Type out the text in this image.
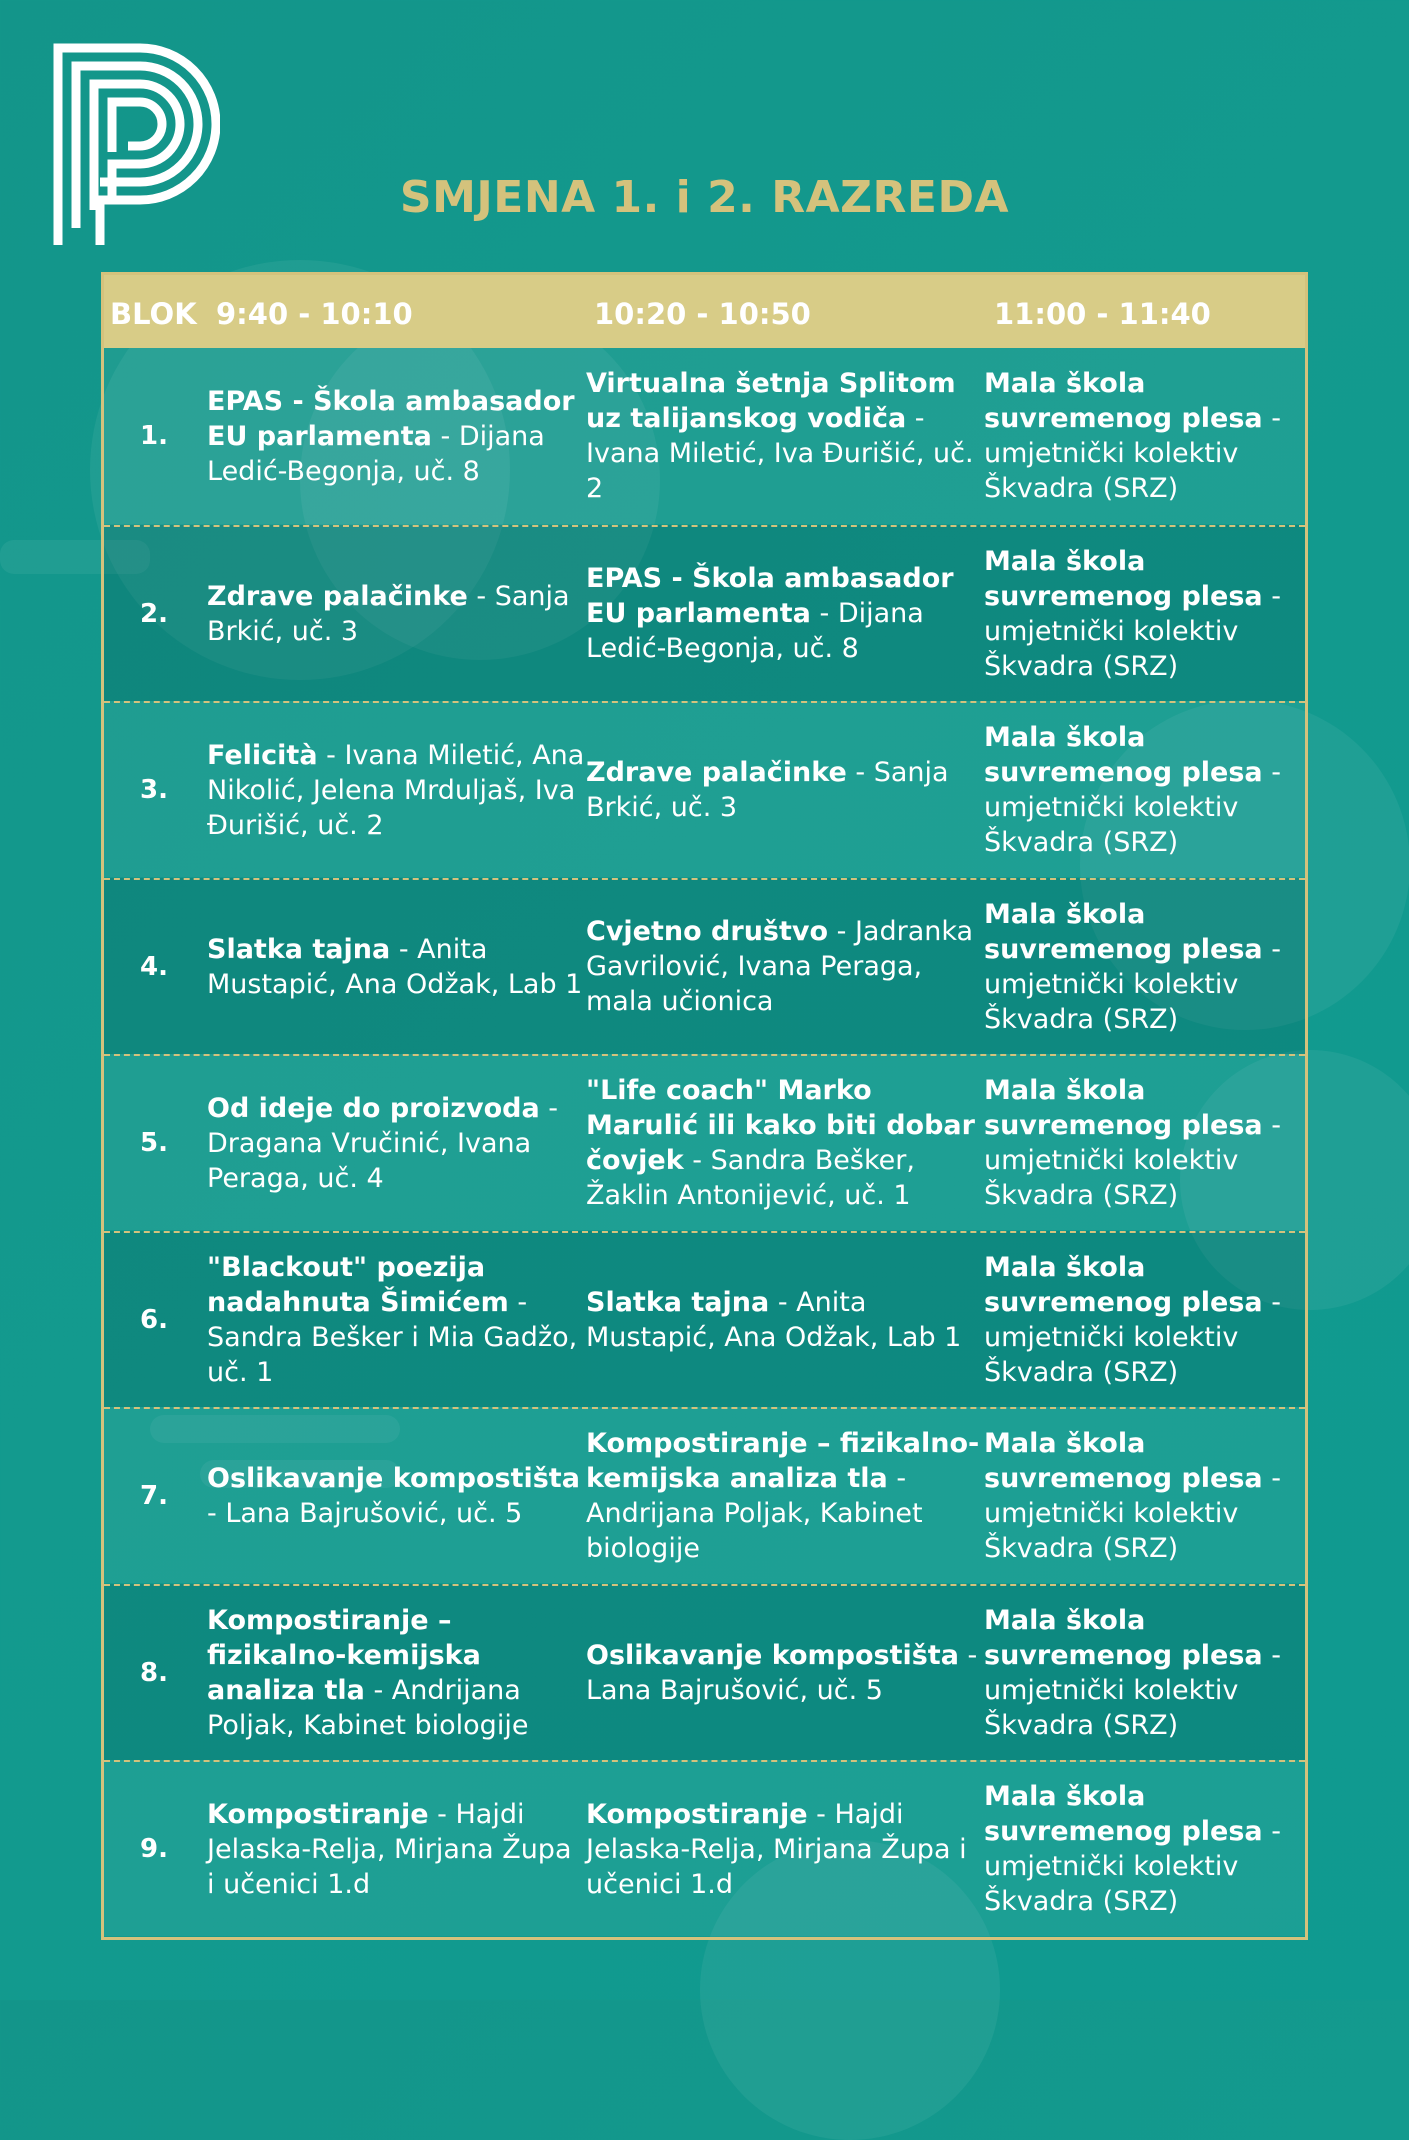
SMJENA 1. i 2. RAZREDA
BLOK 9:40 - 10:10	10:20 - 10:50	11:00 - 11:40
1.
EPAS - Škola ambasador EU parlamenta - Dijana Ledić-Begonja, uč. 8
Virtualna šetnja Splitom uz talijanskog vodiča - Ivana Miletić, Iva Đurišić, uč. 2
Mala škola suvremenog plesa - umjetnički kolektiv Škvadra (SRZ)
2.
Zdrave palačinke - Sanja Brkić, uč. 3
EPAS - Škola ambasador EU parlamenta - Dijana Ledić-Begonja, uč. 8
Mala škola suvremenog plesa - umjetnički kolektiv Škvadra (SRZ)
3.
Felicità - Ivana Miletić, Ana Nikolić, Jelena Mrduljaš, Iva Đurišić, uč. 2
Zdrave palačinke - Sanja Brkić, uč. 3
Mala škola suvremenog plesa - umjetnički kolektiv Škvadra (SRZ)
4.
Slatka tajna - Anita Mustapić, Ana Odžak, Lab 1
Cvjetno društvo - Jadranka Gavrilović, Ivana Peraga, mala učionica
Mala škola suvremenog plesa - umjetnički kolektiv Škvadra (SRZ)
5.
Od ideje do proizvoda - Dragana Vručinić, Ivana Peraga, uč. 4
"Life coach" Marko Marulić ili kako biti dobar čovjek - Sandra Bešker, Žaklin Antonijević, uč. 1
Mala škola suvremenog plesa - umjetnički kolektiv Škvadra (SRZ)
6.
"Blackout" poezija nadahnuta Šimićem - Sandra Bešker i Mia Gadžo, uč. 1
Slatka tajna - Anita Mustapić, Ana Odžak, Lab 1
Mala škola suvremenog plesa - umjetnički kolektiv Škvadra (SRZ)
7.
Oslikavanje kompostišta - Lana Bajrušović, uč. 5
Kompostiranje – fizikalno-kemijska analiza tla - Andrijana Poljak, Kabinet biologije
Mala škola suvremenog plesa - umjetnički kolektiv Škvadra (SRZ)
8.
Kompostiranje – fizikalno-kemijska analiza tla - Andrijana Poljak, Kabinet biologije
Oslikavanje kompostišta - Lana Bajrušović, uč. 5
Mala škola suvremenog plesa - umjetnički kolektiv Škvadra (SRZ)
9.
Kompostiranje - Hajdi Jelaska-Relja, Mirjana Župa i učenici 1.d
Kompostiranje - Hajdi Jelaska-Relja, Mirjana Župa i učenici 1.d
Mala škola suvremenog plesa - umjetnički kolektiv Škvadra (SRZ)
